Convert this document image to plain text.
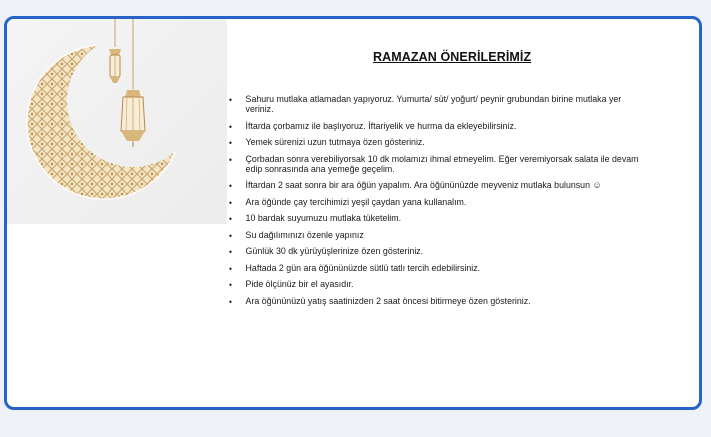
RAMAZAN ÖNERİLERİMİZ
• Sahuru mutlaka atlamadan yapıyoruz. Yumurta/ süt/ yoğurt/ peynir grubundan birine mutlaka yer veriniz.
• İftarda çorbamız ile başlıyoruz. İftariyelik ve hurma da ekleyebilirsiniz.
• Yemek sürenizi uzun tutmaya özen gösteriniz.
• Çorbadan sonra verebiliyorsak 10 dk molamızı ihmal etmeyelim. Eğer veremiyorsak salata ile devam edip sonrasında ana yemeğe geçelim.
• İftardan 2 saat sonra bir ara öğün yapalım. Ara öğününüzde meyveniz mutlaka bulunsun ☺
• Ara öğünde çay tercihimizi yeşil çaydan yana kullanalım.
• 10 bardak suyumuzu mutlaka tüketelim.
• Su dağılımınızı özenle yapınız
• Günlük 30 dk yürüyüşlerinize özen gösteriniz.
• Haftada 2 gün ara öğününüzde sütlü tatlı tercih edebilirsiniz.
• Pide ölçünüz bir el ayasıdır.
• Ara öğününüzü yatış saatinizden 2 saat öncesi bitirmeye özen gösteriniz.
